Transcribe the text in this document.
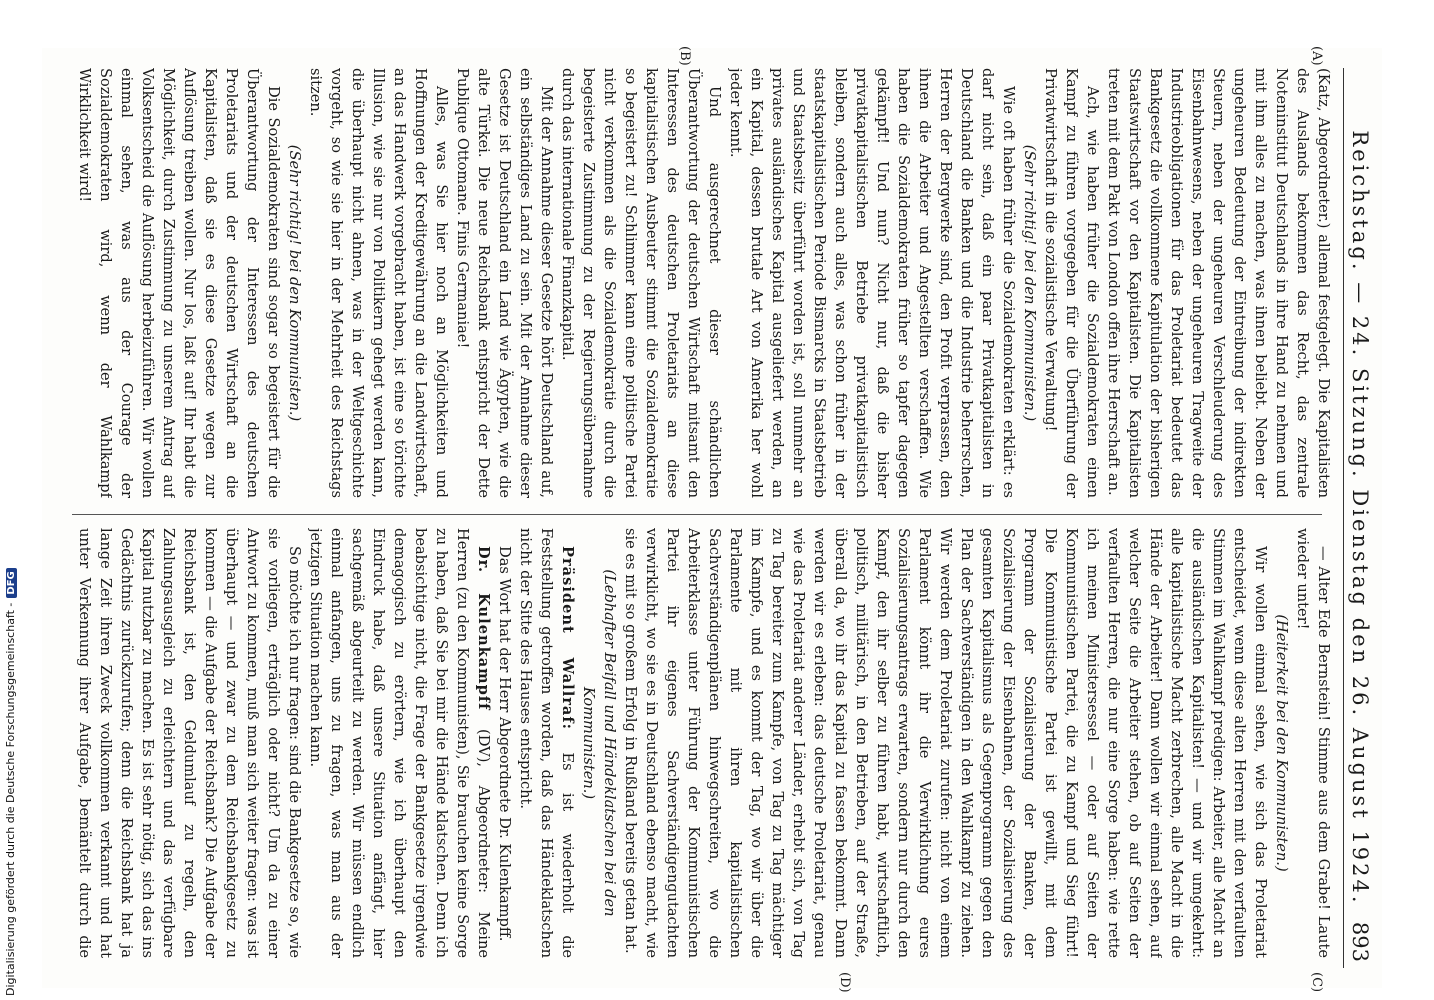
Reichstag. — 24. Sitzung. Dienstag den 26. August 1924.
893
(A)
(B)
(C)
(D)

(Katz, Abgeordneter.) allemal festgelegt. Die Kapitalisten des Auslands bekommen das Recht, das zentrale Noteninstitut Deutschlands in ihre Hand zu nehmen und mit ihm alles zu machen, was ihnen beliebt. Neben der ungeheuren Bedeutung der Eintreibung der indirekten Steuern, neben der ungeheuren Verschleuderung des Eisenbahnwesens, neben der ungeheuren Tragweite der Industrieobligationen für das Proletariat bedeutet das Bankgesetz die vollkommene Kapitulation der bisherigen Staatswirtschaft vor den Kapitalisten. Die Kapitalisten treten mit dem Pakt von London offen ihre Herrschaft an.

Ach, wie haben früher die Sozialdemokraten einen Kampf zu führen vorgegeben für die Überführung der Privatwirtschaft in die sozialistische Verwaltung!

(Sehr richtig! bei den Kommunisten.)

Wie oft haben früher die Sozialdemokraten erklärt: es darf nicht sein, daß ein paar Privatkapitalisten in Deutschland die Banken und die Industrie beherrschen, Herren der Bergwerke sind, den Profit verprassen, den ihnen die Arbeiter und Angestellten verschaffen. Wie haben die Sozialdemokraten früher so tapfer dagegen gekämpft! Und nun? Nicht nur, daß die bisher privatkapitalistischen Betriebe privatkapitalistisch bleiben, sondern auch alles, was schon früher in der staatskapitalistischen Periode Bismarcks in Staatsbetrieb und Staatsbesitz überführt worden ist, soll nunmehr an privates ausländisches Kapital ausgeliefert werden, an ein Kapital, dessen brutale Art von Amerika her wohl jeder kennt.

Und ausgerechnet dieser schändlichen Überantwortung der deutschen Wirtschaft mitsamt den Interessen des deutschen Proletariats an diese kapitalistischen Ausbeuter stimmt die Sozialdemokratie so begeistert zu! Schlimmer kann eine politische Partei nicht verkommen als die Sozialdemokratie durch die begeisterte Zustimmung zu der Regierungsübernahme durch das internationale Finanzkapital.

Mit der Annahme dieser Gesetze hört Deutschland auf, ein selbständiges Land zu sein. Mit der Annahme dieser Gesetze ist Deutschland ein Land wie Ägypten, wie die alte Türkei. Die neue Reichsbank entspricht der Dette Publique Ottomane. Finis Germaniae!

Alles, was Sie hier noch an Möglichkeiten und Hoffnungen der Kreditgewährung an die Landwirtschaft, an das Handwerk vorgebracht haben, ist eine so törichte Illusion, wie sie nur von Politikern gehegt werden kann, die überhaupt nicht ahnen, was in der Weltgeschichte vorgeht, so wie sie hier in der Mehrheit des Reichstags sitzen.

(Sehr richtig! bei den Kommunisten.)

Die Sozialdemokraten sind sogar so begeistert für die Überantwortung der Interessen des deutschen Proletariats und der deutschen Wirtschaft an die Kapitalisten, daß sie es diese Gesetze wegen zur Auflösung treiben wollen. Nur los, laßt auf! Ihr habt die Möglichkeit, durch Zustimmung zu unserem Antrag auf Volksentscheid die Auflösung herbeizuführen. Wir wollen einmal sehen, was aus der Courage der Sozialdemokraten wird, wenn der Wahlkampf Wirklichkeit wird!

— Alter Ede Bernstein! Stimme aus dem Grabe! Laute wieder unter!

(Heiterkeit bei den Kommunisten.)

Wir wollen einmal sehen, wie sich das Proletariat entscheidet, wenn diese alten Herren mit den verfaulten Stimmen im Wahlkampf predigen: Arbeiter, alle Macht an die ausländischen Kapitalisten! — und wir umgekehrt: alle kapitalistische Macht zerbrechen, alle Macht in die Hände der Arbeiter! Dann wollen wir einmal sehen, auf welcher Seite die Arbeiter stehen, ob auf Seiten der verfaulten Herren, die nur eine Sorge haben: wie rette ich meinen Ministersessel — oder auf Seiten der Kommunistischen Partei, die zu Kampf und Sieg führt! Die Kommunistische Partei ist gewillt, mit dem Programm der Sozialisierung der Banken, der Sozialisierung der Eisenbahnen, der Sozialisierung des gesamten Kapitalismus als Gegenprogramm gegen den Plan der Sachverständigen in den Wahlkampf zu ziehen. Wir werden dem Proletariat zurufen: nicht von einem Parlament könnt ihr die Verwirklichung eures Sozialisierungsantrags erwarten, sondern nur durch den Kampf, den ihr selber zu führen habt, wirtschaftlich, politisch, militärisch, in den Betrieben, auf der Straße, überall da, wo ihr das Kapital zu fassen bekommt. Dann werden wir es erleben: das deutsche Proletariat, genau wie das Proletariat anderer Länder, erhebt sich, von Tag zu Tag bereiter zum Kampfe, von Tag zu Tag mächtiger im Kampfe, und es kommt der Tag, wo wir über die Parlamente mit ihren kapitalistischen Sachverständigenplänen hinwegschreiten, wo die Arbeiterklasse unter Führung der Kommunistischen Partei ihr eigenes Sachverständigengutachten verwirklicht, wo sie es in Deutschland ebenso macht, wie sie es mit so großem Erfolg in Rußland bereits getan hat.

(Lebhafter Beifall und Händeklatschen bei den Kommunisten.)

Präsident Wallraf: Es ist wiederholt die Feststellung getroffen worden, daß das Händeklatschen nicht der Sitte des Hauses entspricht.

Das Wort hat der Herr Abgeordnete Dr. Kulenkampff.

Dr. Kulenkampff (DV), Abgeordneter: Meine Herren (zu den Kommunisten), Sie brauchen keine Sorge zu haben, daß Sie bei mir die Hände klatschen. Denn ich beabsichtige nicht, die Frage der Bankgesetze irgendwie demagogisch zu erörtern, wie ich überhaupt den Eindruck habe, daß unsere Situation anfängt, hier sachgemäß abgeurteilt zu werden. Wir müssen endlich einmal anfangen, uns zu fragen, was man aus der jetzigen Situation machen kann.

So möchte ich nur fragen: sind die Bankgesetze so, wie sie vorliegen, erträglich oder nicht? Um da zu einer Antwort zu kommen, muß man sich weiter fragen: was ist überhaupt — und zwar zu dem Reichsbankgesetz zu kommen — die Aufgabe der Reichsbank? Die Aufgabe der Reichsbank ist, den Geldumlauf zu regeln, den Zahlungsausgleich zu erleichtern und das verfügbare Kapital nutzbar zu machen. Es ist sehr nötig, sich das ins Gedächtnis zurückzurufen; denn die Reichsbank hat ja lange Zeit ihren Zweck vollkommen verkannt und hat unter Verkennung ihrer Aufgabe, bemäntelt durch die

Digitalisierung gefördert durch die Deutsche Forschungsgemeinschaft -DFG
